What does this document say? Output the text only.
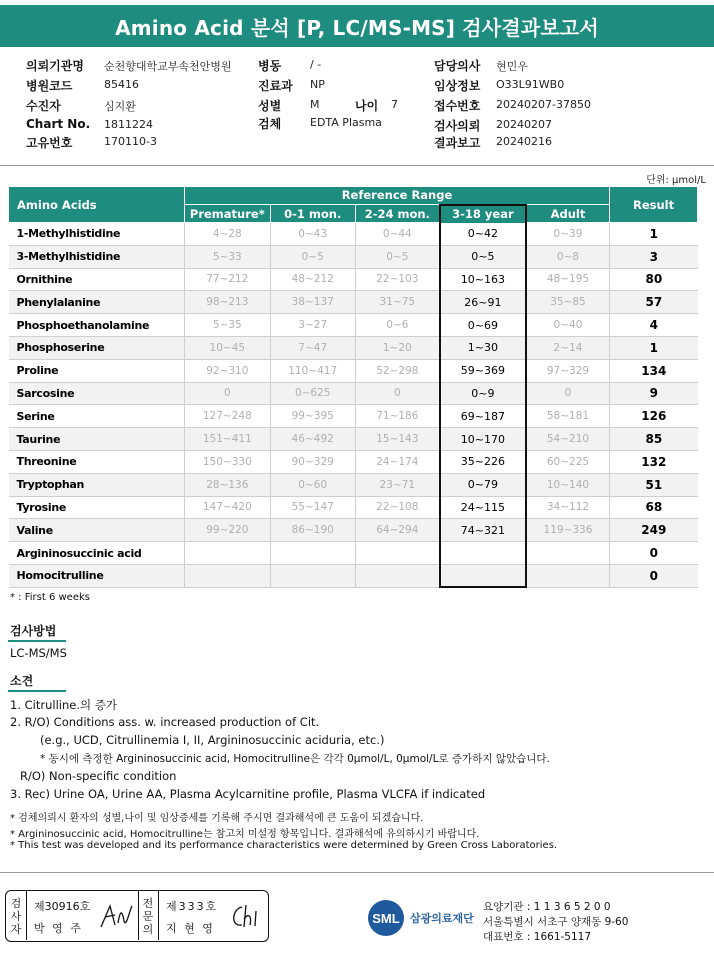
Amino Acid 분석 [P, LC/MS-MS] 검사결과보고서
의뢰기관명 순천향대학교부속천안병원
병원코드	85416
수진자	심지환
Chart No. 1811224
고유번호	170110-3
병동	/ -
진료과 NP
성별	M	나이 7
검체	EDTA Plasma
담당의사 현민우
임상정보 O33L91WB0
접수번호 20240207-37850
검사의뢰 20240207
결과보고 20240216
단위: μmol/L
Amino Acids	Reference Range					Result
	Premature*	0-1 mon.	2-24 mon.	3-18 year	Adult	
1-Methylhistidine	4~28	0~43	0~44	0~42	0~39	1
3-Methylhistidine	5~33	0~5	0~5	0~5	0~8	3
Ornithine	77~212	48~212	22~103	10~163	48~195	80
Phenylalanine	98~213	38~137	31~75	26~91	35~85	57
Phosphoethanolamine	5~35	3~27	0~6	0~69	0~40	4
Phosphoserine	10~45	7~47	1~20	1~30	2~14	1
Proline	92~310	110~417	52~298	59~369	97~329	134
Sarcosine	0	0~625	0	0~9	0	9
Serine	127~248	99~395	71~186	69~187	58~181	126
Taurine	151~411	46~492	15~143	10~170	54~210	85
Threonine	150~330	90~329	24~174	35~226	60~225	132
Tryptophan	28~136	0~60	23~71	0~79	10~140	51
Tyrosine	147~420	55~147	22~108	24~115	34~112	68
Valine	99~220	86~190	64~294	74~321	119~336	249
Argininosuccinic acid						0
Homocitrulline						0
* : First 6 weeks
검사방법
LC-MS/MS
소견
1. Citrulline.의 증가
2. R/O) Conditions ass. w. increased production of Cit.
(e.g., UCD, Citrullinemia I, II, Argininosuccinic aciduria, etc.)
* 동시에 측정한 Argininosuccinic acid, Homocitrulline은 각각 0μmol/L, 0μmol/L로 증가하지 않았습니다.
R/O) Non-specific condition
3. Rec) Urine OA, Urine AA, Plasma Acylcarnitine profile, Plasma VLCFA if indicated
* 검체의뢰시 환자의 성별,나이 및 임상증세를 기록해 주시면 결과해석에 큰 도움이 되겠습니다.
* Argininosuccinic acid, Homocitrulline는 참고치 미설정 항목입니다. 결과해석에 유의하시기 바랍니다.
* This test was developed and its performance characteristics were determined by Green Cross Laboratories.
검사자
제30916호
박 영 주
전문의
제333호
지 현 영
SML 삼광의료재단
요양기관 : 1 1 3 6 5 2 0 0
서울특별시 서초구 양재동 9-60
대표번호 : 1661-5117
